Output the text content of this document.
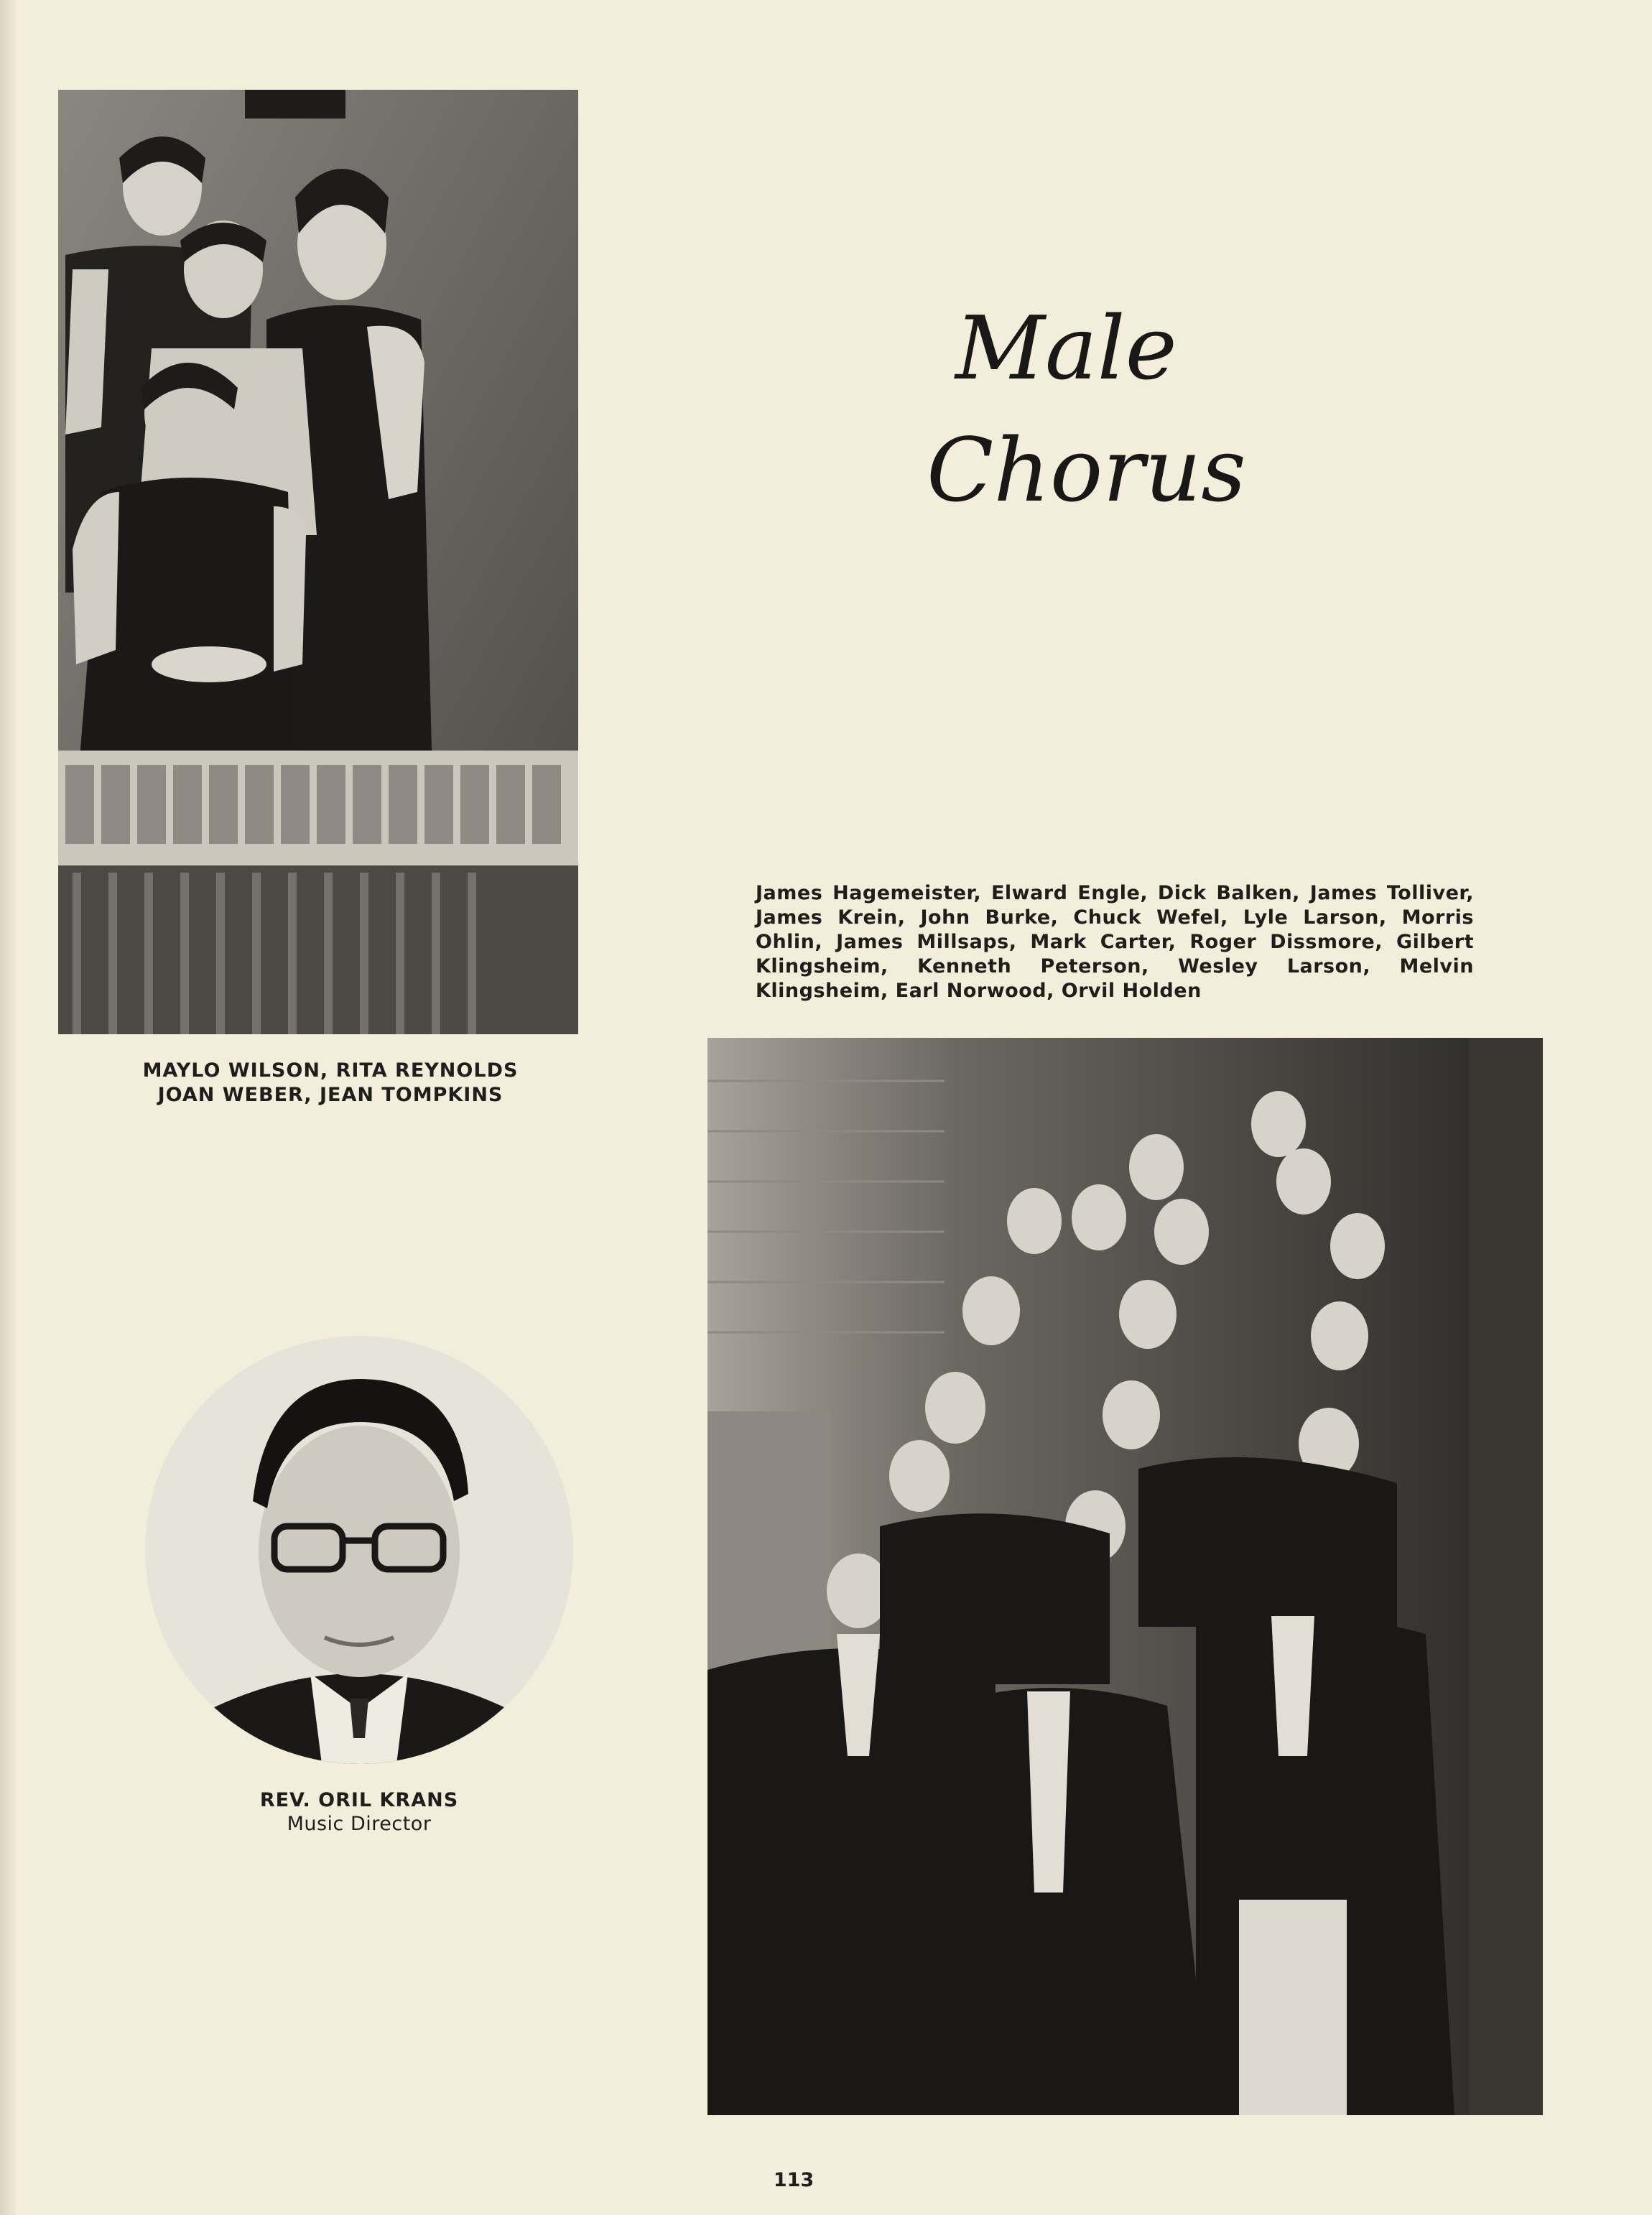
Male
Chorus
James Hagemeister, Elward Engle, Dick Balken, James Tolliver, James Krein, John Burke, Chuck Wefel, Lyle Larson, Morris Ohlin, James Millsaps, Mark Carter, Roger Dissmore, Gilbert Klingsheim, Kenneth Peterson, Wesley Larson, Melvin Klingsheim, Earl Norwood, Orvil Holden
MAYLO WILSON, RITA REYNOLDS
JOAN WEBER, JEAN TOMPKINS
REV. ORIL KRANS
Music Director
113
